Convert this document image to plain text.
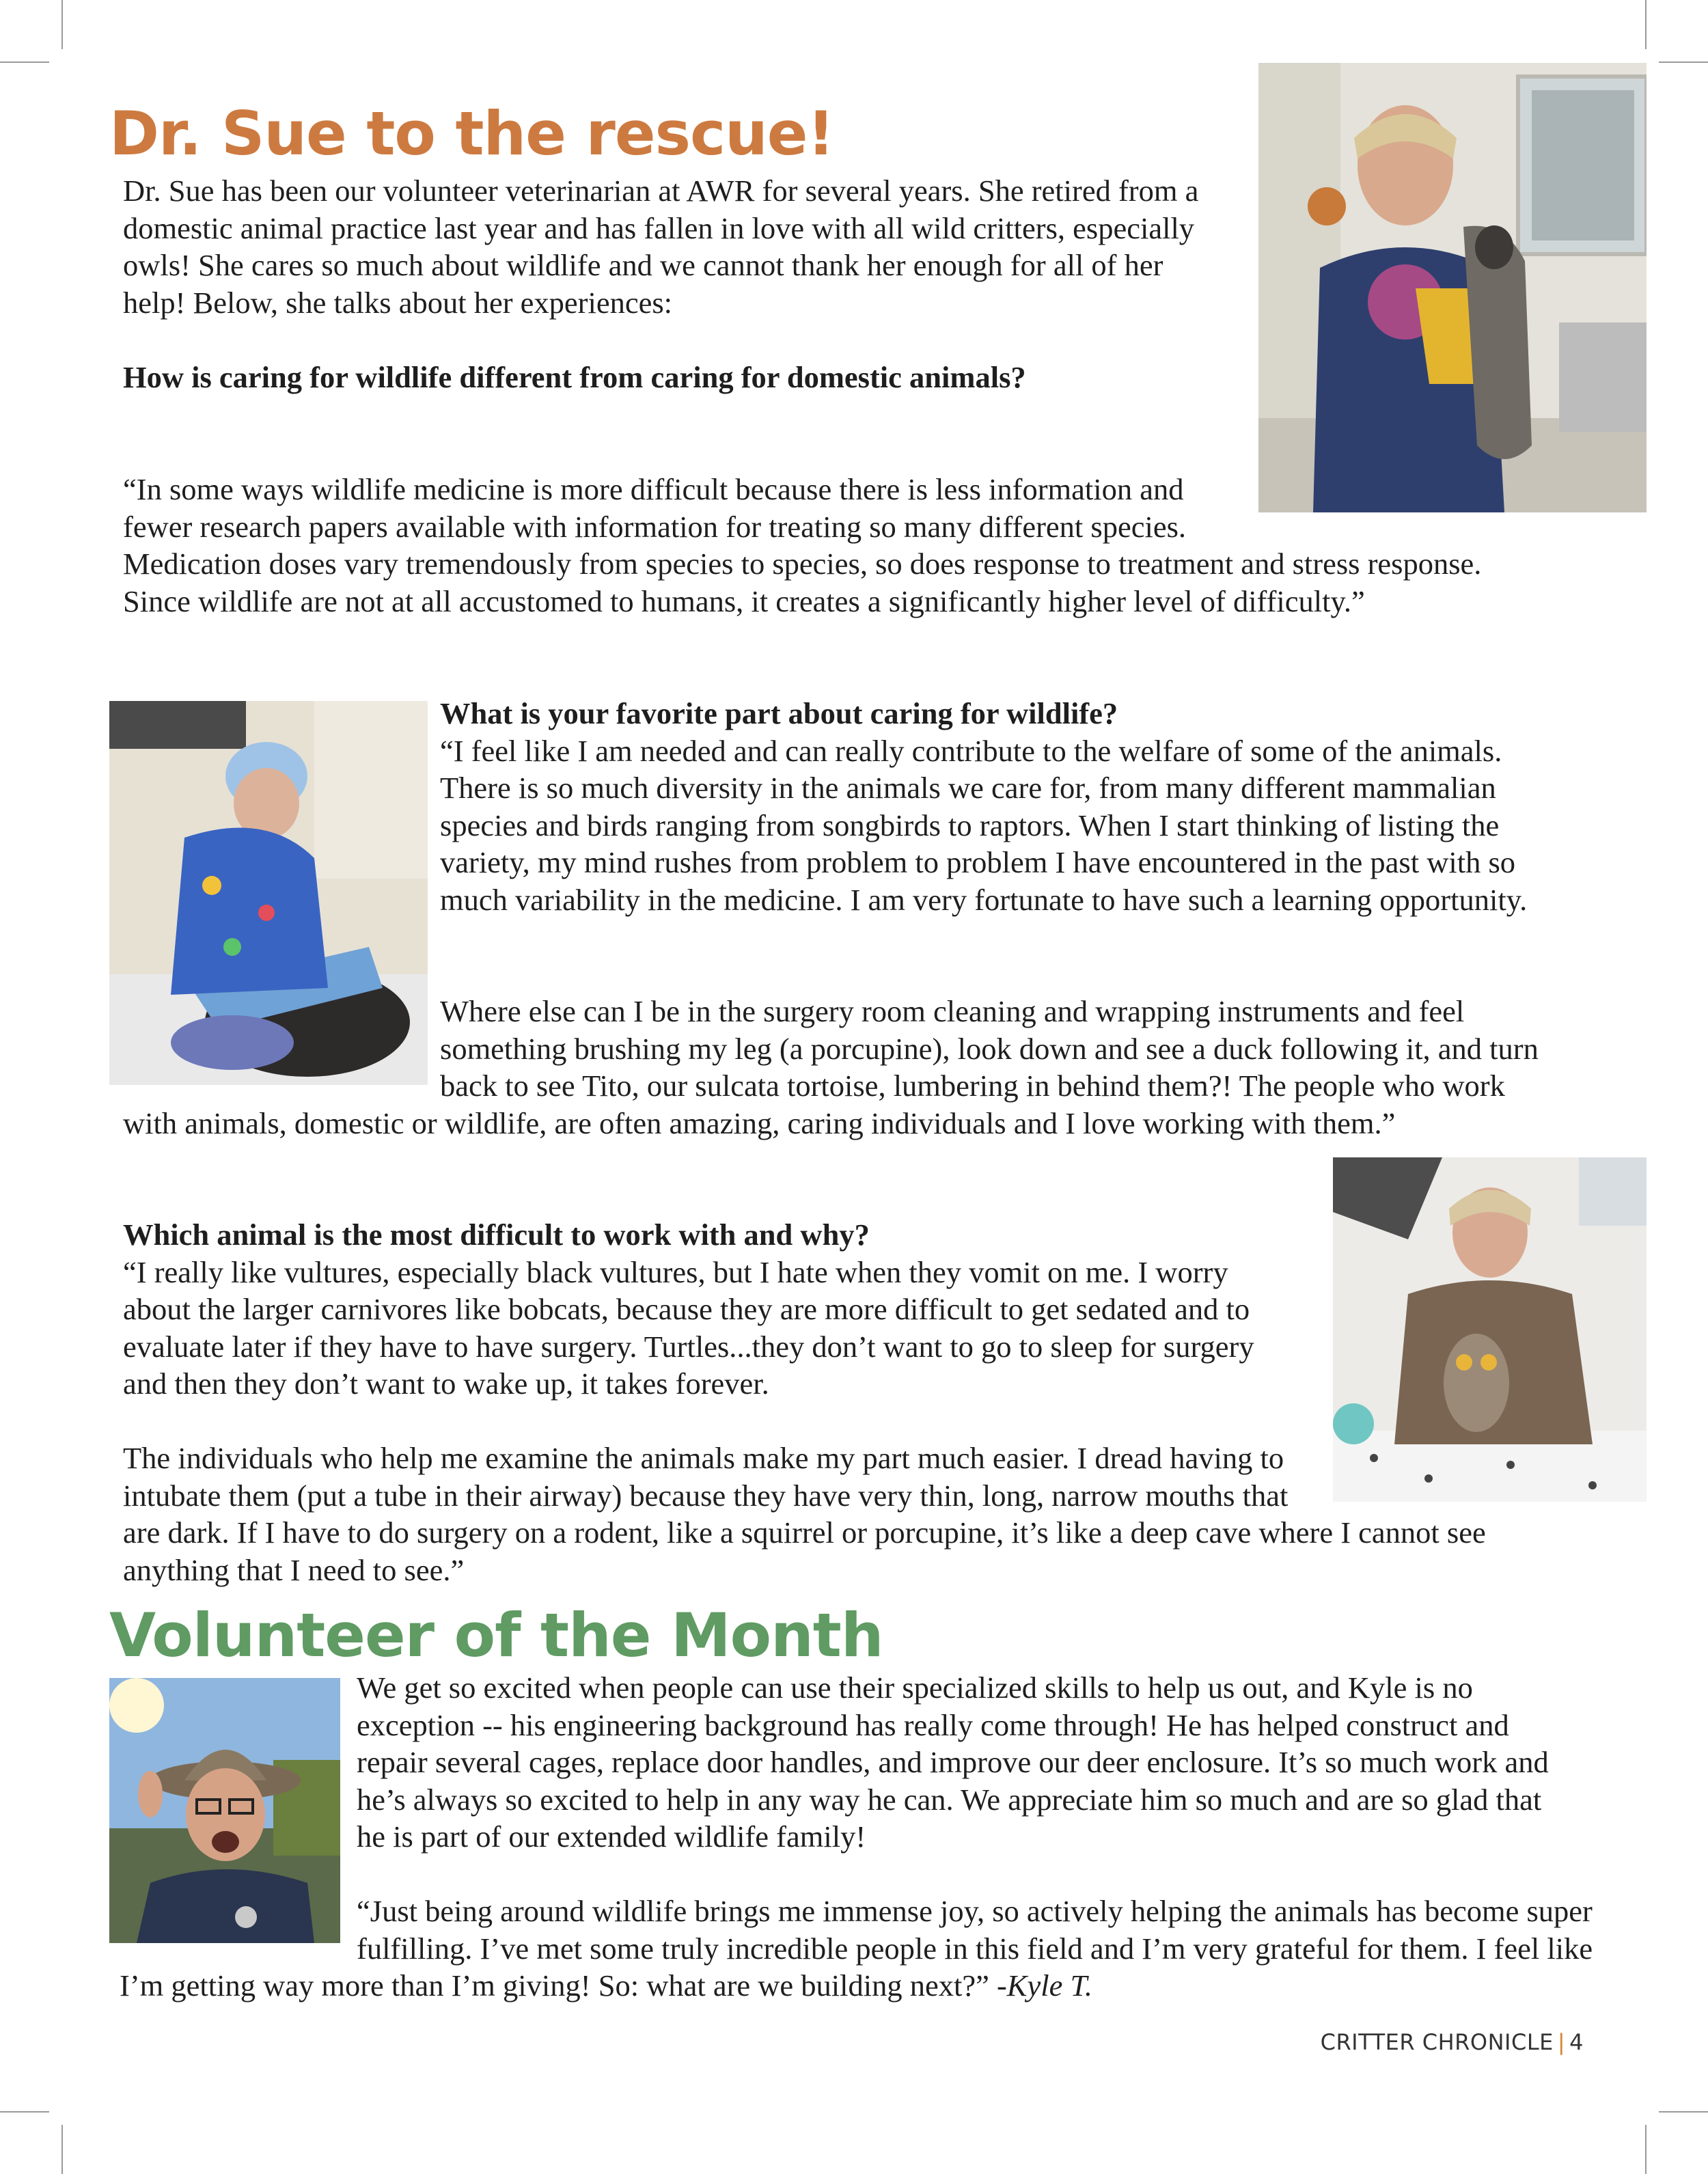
Dr. Sue to the rescue!

Dr. Sue has been our volunteer veterinarian at AWR for several years. She retired from a domestic animal practice last year and has fallen in love with all wild critters, especially owls! She cares so much about wildlife and we cannot thank her enough for all of her help! Below, she talks about her experiences:

How is caring for wildlife different from caring for domestic animals?

“In some ways wildlife medicine is more difficult because there is less information and fewer research papers available with information for treating so many different species. Medication doses vary tremendously from species to species, so does response to treatment and stress response. Since wildlife are not at all accustomed to humans, it creates a significantly higher level of difficulty.”

What is your favorite part about caring for wildlife?

“I feel like I am needed and can really contribute to the welfare of some of the animals. There is so much diversity in the animals we care for, from many different mammalian species and birds ranging from songbirds to raptors. When I start thinking of listing the variety, my mind rushes from problem to problem I have encountered in the past with so much variability in the medicine. I am very fortunate to have such a learning opportunity.

Where else can I be in the surgery room cleaning and wrapping instruments and feel something brushing my leg (a porcupine), look down and see a duck following it, and turn back to see Tito, our sulcata tortoise, lumbering in behind them?! The people who work with animals, domestic or wildlife, are often amazing, caring individuals and I love working with them.”

Which animal is the most difficult to work with and why?

“I really like vultures, especially black vultures, but I hate when they vomit on me. I worry about the larger carnivores like bobcats, because they are more difficult to get sedated and to evaluate later if they have to have surgery. Turtles...they don’t want to go to sleep for surgery and then they don’t want to wake up, it takes forever.

The individuals who help me examine the animals make my part much easier. I dread having to intubate them (put a tube in their airway) because they have very thin, long, narrow mouths that are dark. If I have to do surgery on a rodent, like a squirrel or porcupine, it’s like a deep cave where I cannot see anything that I need to see.”

Volunteer of the Month

We get so excited when people can use their specialized skills to help us out, and Kyle is no exception -- his engineering background has really come through! He has helped construct and repair several cages, replace door handles, and improve our deer enclosure. It’s so much work and he’s always so excited to help in any way he can. We appreciate him so much and are so glad that he is part of our extended wildlife family!

“Just being around wildlife brings me immense joy, so actively helping the animals has become super fulfilling. I’ve met some truly incredible people in this field and I’m very grateful for them. I feel like I’m getting way more than I’m giving! So: what are we building next?” -Kyle T.

CRITTER CHRONICLE | 4
